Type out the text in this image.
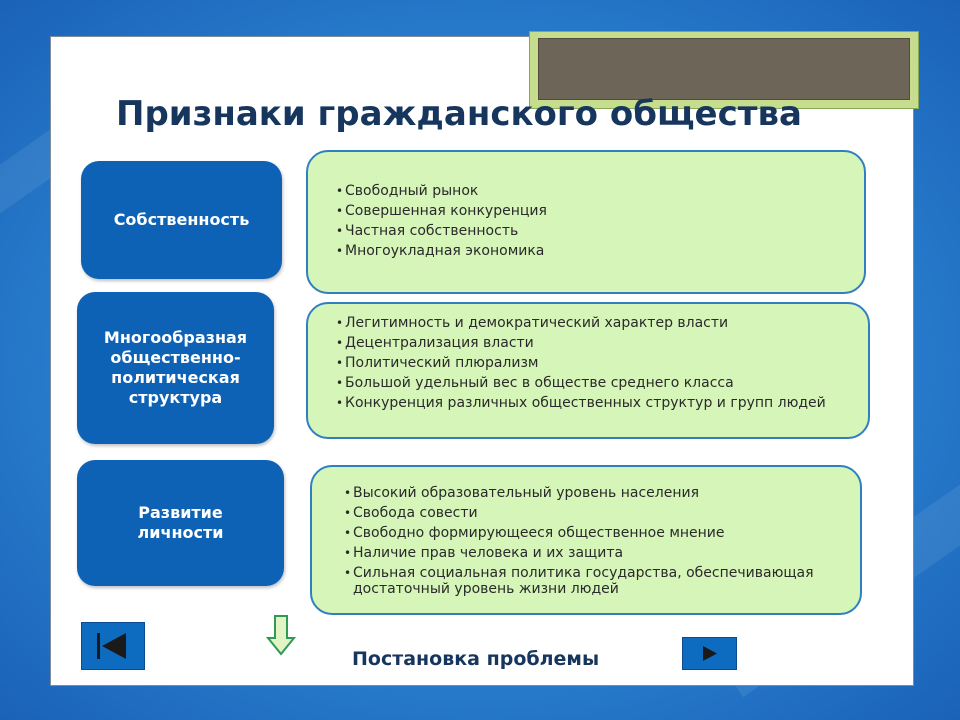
Признаки гражданского общества
Собственность
Многообразная
общественно-
политическая
структура
Развитие
личности
• Свободный рынок
• Совершенная конкуренция
• Частная собственность
• Многоукладная экономика
• Легитимность и демократический характер власти
• Децентрализация власти
• Политический плюрализм
• Большой удельный вес в обществе среднего класса
• Конкуренция различных общественных структур и групп людей
• Высокий образовательный уровень населения
• Свобода совести
• Свободно формирующееся общественное мнение
• Наличие прав человека и их защита
• Сильная социальная политика государства, обеспечивающая достаточный уровень жизни людей
Постановка проблемы	MyShared
